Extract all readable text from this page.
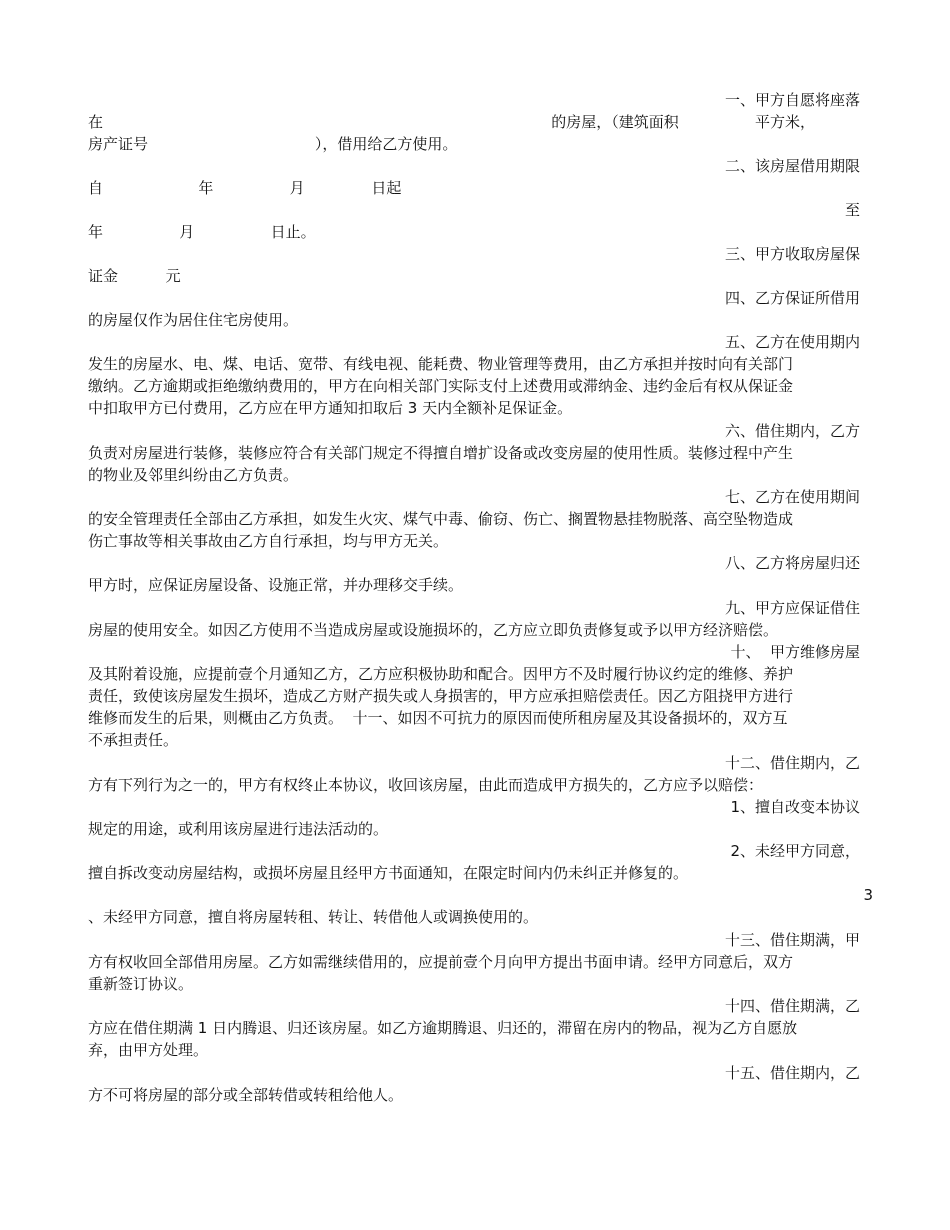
一、甲方自愿将座落
在                                                                                              的房屋，（建筑面积                平方米，
房产证号                                   ），借用给乙方使用。
二、该房屋借用期限
自                    年                月              日起
至
年                月                日止。
三、甲方收取房屋保
证金          元
四、乙方保证所借用
的房屋仅作为居住住宅房使用。
五、乙方在使用期内
发生的房屋水、电、煤、电话、宽带、有线电视、能耗费、物业管理等费用，由乙方承担并按时向有关部门
缴纳。乙方逾期或拒绝缴纳费用的，甲方在向相关部门实际支付上述费用或滞纳金、违约金后有权从保证金
中扣取甲方已付费用，乙方应在甲方通知扣取后 3 天内全额补足保证金。
六、借住期内，乙方
负责对房屋进行装修，装修应符合有关部门规定不得擅自增扩设备或改变房屋的使用性质。装修过程中产生
的物业及邻里纠纷由乙方负责。
七、乙方在使用期间
的安全管理责任全部由乙方承担，如发生火灾、煤气中毒、偷窃、伤亡、搁置物悬挂物脱落、高空坠物造成
伤亡事故等相关事故由乙方自行承担，均与甲方无关。
八、乙方将房屋归还
甲方时，应保证房屋设备、设施正常，并办理移交手续。
九、甲方应保证借住
房屋的使用安全。如因乙方使用不当造成房屋或设施损坏的，乙方应立即负责修复或予以甲方经济赔偿。
十、  甲方维修房屋
及其附着设施，应提前壹个月通知乙方，乙方应积极协助和配合。因甲方不及时履行协议约定的维修、养护
责任，致使该房屋发生损坏，造成乙方财产损失或人身损害的，甲方应承担赔偿责任。因乙方阻挠甲方进行
维修而发生的后果，则概由乙方负责。  十一、如因不可抗力的原因而使所租房屋及其设备损坏的，双方互
不承担责任。
十二、借住期内，乙
方有下列行为之一的，甲方有权终止本协议，收回该房屋，由此而造成甲方损失的，乙方应予以赔偿：
1、擅自改变本协议
规定的用途，或利用该房屋进行违法活动的。
2、未经甲方同意，
擅自拆改变动房屋结构，或损坏房屋且经甲方书面通知，在限定时间内仍未纠正并修复的。
3
、未经甲方同意，擅自将房屋转租、转让、转借他人或调换使用的。
十三、借住期满，甲
方有权收回全部借用房屋。乙方如需继续借用的，应提前壹个月向甲方提出书面申请。经甲方同意后，双方
重新签订协议。
十四、借住期满，乙
方应在借住期满 1 日内腾退、归还该房屋。如乙方逾期腾退、归还的，滞留在房内的物品，视为乙方自愿放
弃，由甲方处理。
十五、借住期内，乙
方不可将房屋的部分或全部转借或转租给他人。
